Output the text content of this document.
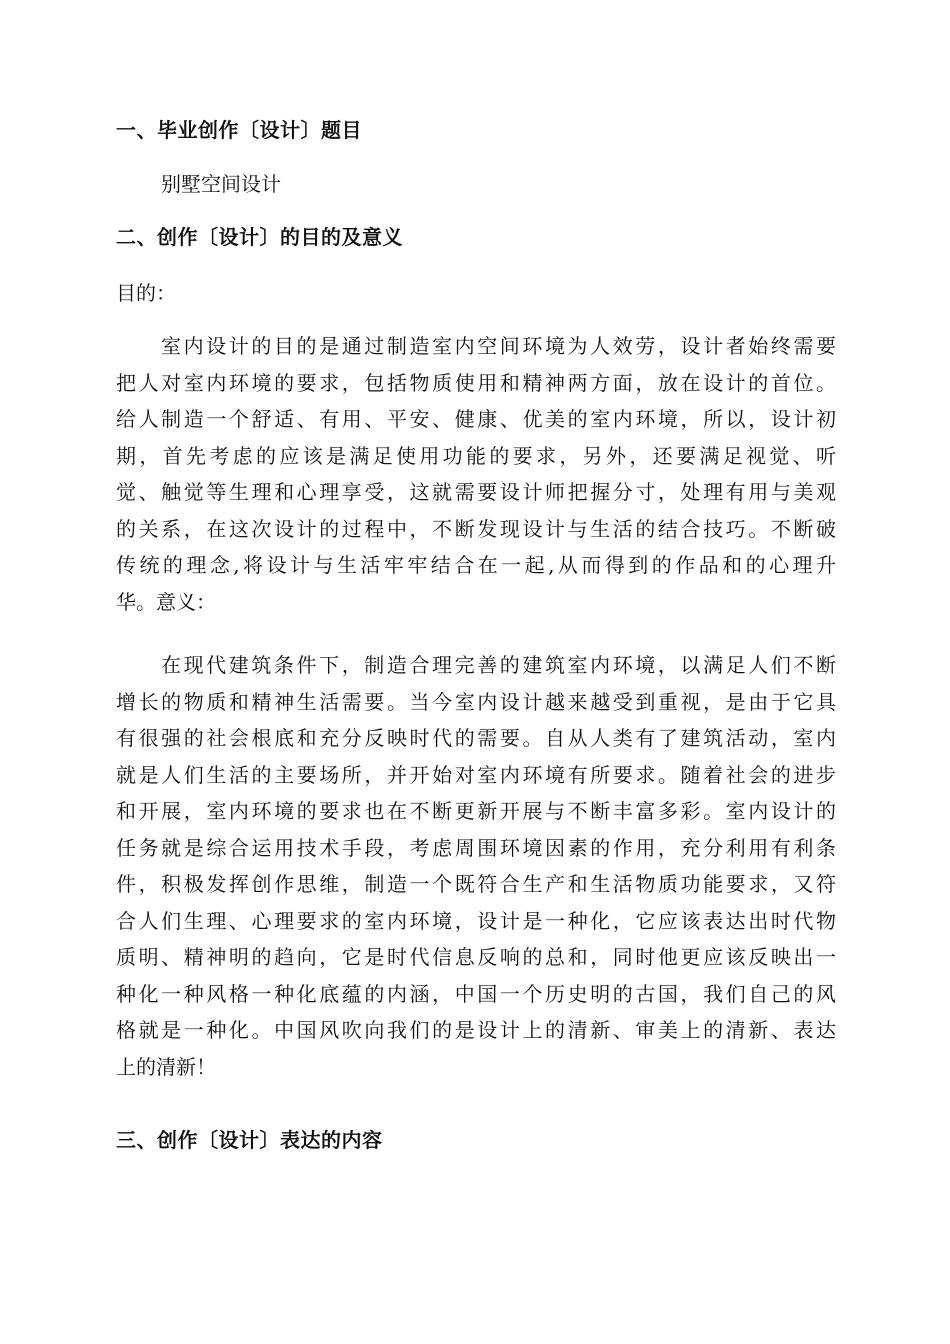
一、毕业创作〔设计〕题目
别墅空间设计
二、创作〔设计〕的目的及意义
目的：
室内设计的目的是通过制造室内空间环境为人效劳，设计者始终需要
把人对室内环境的要求，包括物质使用和精神两方面，放在设计的首位。
给人制造一个舒适、有用、平安、健康、优美的室内环境，所以，设计初
期，首先考虑的应该是满足使用功能的要求，另外，还要满足视觉、听
觉、触觉等生理和心理享受，这就需要设计师把握分寸，处理有用与美观
的关系，在这次设计的过程中，不断发现设计与生活的结合技巧。不断破
传统的理念,将设计与生活牢牢结合在一起,从而得到的作品和的心理升
华。意义：
在现代建筑条件下，制造合理完善的建筑室内环境，以满足人们不断
增长的物质和精神生活需要。当今室内设计越来越受到重视，是由于它具
有很强的社会根底和充分反映时代的需要。自从人类有了建筑活动，室内
就是人们生活的主要场所，并开始对室内环境有所要求。随着社会的进步
和开展，室内环境的要求也在不断更新开展与不断丰富多彩。室内设计的
任务就是综合运用技术手段，考虑周围环境因素的作用，充分利用有利条
件，积极发挥创作思维，制造一个既符合生产和生活物质功能要求，又符
合人们生理、心理要求的室内环境，设计是一种化，它应该表达出时代物
质明、精神明的趋向，它是时代信息反响的总和，同时他更应该反映出一
种化一种风格一种化底蕴的内涵，中国一个历史明的古国，我们自己的风
格就是一种化。中国风吹向我们的是设计上的清新、审美上的清新、表达
上的清新！
三、创作〔设计〕表达的内容
